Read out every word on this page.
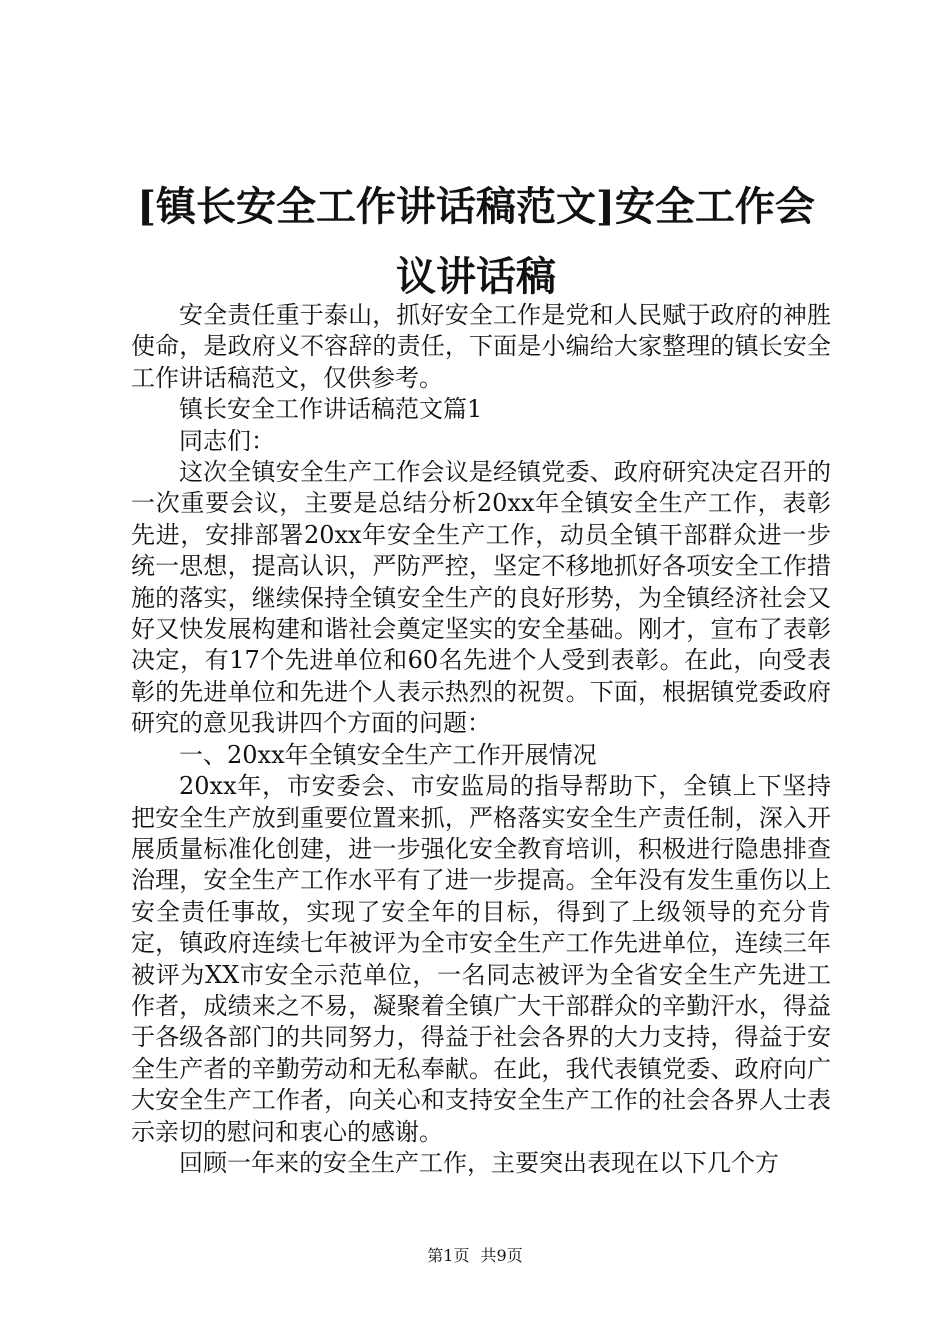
[镇长安全工作讲话稿范文]安全工作会议讲话稿

安全责任重于泰山，抓好安全工作是党和人民赋于政府的神胜使命，是政府义不容辞的责任，下面是小编给大家整理的镇长安全工作讲话稿范文，仅供参考。

镇长安全工作讲话稿范文篇1

同志们：

这次全镇安全生产工作会议是经镇党委、政府研究决定召开的一次重要会议，主要是总结分析20xx年全镇安全生产工作，表彰先进，安排部署20xx年安全生产工作，动员全镇干部群众进一步统一思想，提高认识，严防严控，坚定不移地抓好各项安全工作措施的落实，继续保持全镇安全生产的良好形势，为全镇经济社会又好又快发展构建和谐社会奠定坚实的安全基础。刚才，宣布了表彰决定，有17个先进单位和60名先进个人受到表彰。在此，向受表彰的先进单位和先进个人表示热烈的祝贺。下面，根据镇党委政府研究的意见我讲四个方面的问题：

一、20xx年全镇安全生产工作开展情况

20xx年，市安委会、市安监局的指导帮助下，全镇上下坚持把安全生产放到重要位置来抓，严格落实安全生产责任制，深入开展质量标准化创建，进一步强化安全教育培训，积极进行隐患排查治理，安全生产工作水平有了进一步提高。全年没有发生重伤以上安全责任事故，实现了安全年的目标，得到了上级领导的充分肯定，镇政府连续七年被评为全市安全生产工作先进单位，连续三年被评为XX市安全示范单位，一名同志被评为全省安全生产先进工作者，成绩来之不易，凝聚着全镇广大干部群众的辛勤汗水，得益于各级各部门的共同努力，得益于社会各界的大力支持，得益于安全生产者的辛勤劳动和无私奉献。在此，我代表镇党委、政府向广大安全生产工作者，向关心和支持安全生产工作的社会各界人士表示亲切的慰问和衷心的感谢。

回顾一年来的安全生产工作，主要突出表现在以下几个方

第1页 共9页
